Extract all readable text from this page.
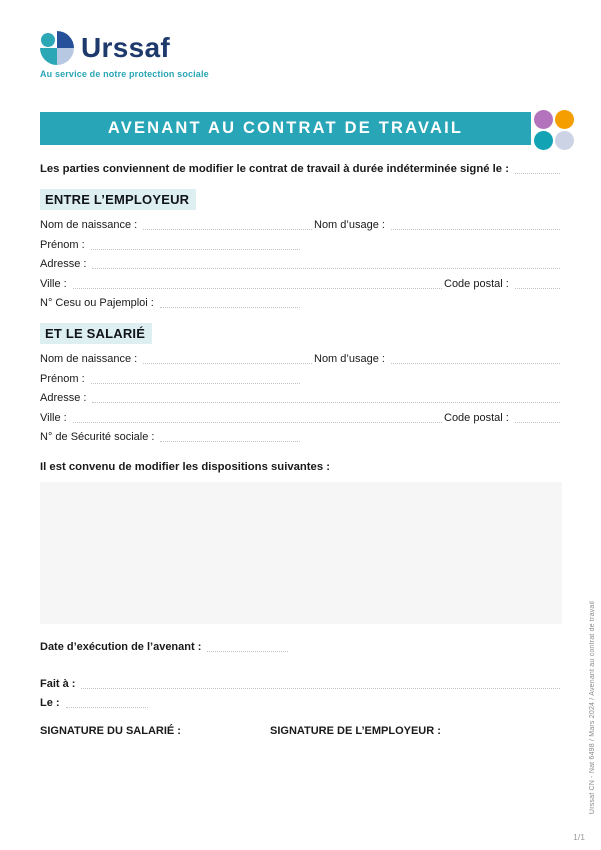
Urssaf
Au service de notre protection sociale
AVENANT AU CONTRAT DE TRAVAIL

Les parties conviennent de modifier le contrat de travail à durée indéterminée signé le :

ENTRE L’EMPLOYEUR
Nom de naissance :	Nom d’usage :
Prénom :
Adresse :
Ville :	Code postal :
N° Cesu ou Pajemploi :
ET LE SALARIÉ
Nom de naissance :	Nom d’usage :
Prénom :
Adresse :
Ville :	Code postal :
N° de Sécurité sociale :

Il est convenu de modifier les dispositions suivantes :

Date d’exécution de l’avenant :
Fait à :
Le :
SIGNATURE DU SALARIÉ :	SIGNATURE DE L’EMPLOYEUR :	Urssaf CN - Nat 6498 / Mars 2024 / Avenant au contrat de travail
1/1
